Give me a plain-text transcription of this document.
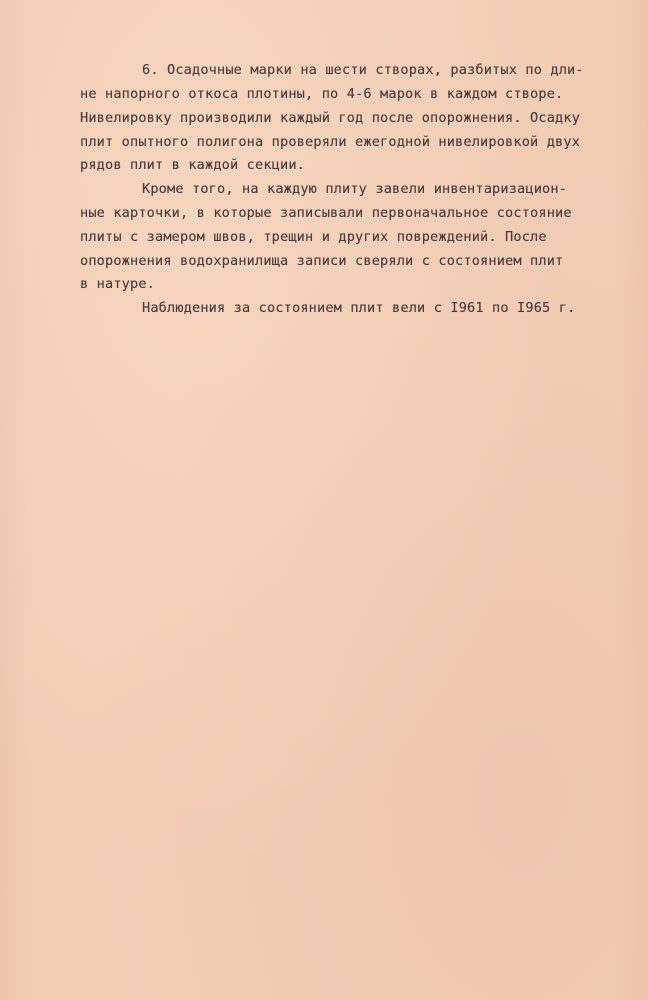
6. Осадочные марки на шести створах, разбитых по дли-
не напорного откоса плотины, по 4-6 марок в каждом створе.
Нивелировку производили каждый год после опорожнения. Осадку
плит опытного полигона проверяли ежегодной нивелировкой двух
рядов плит в каждой секции.
Кроме того, на каждую плиту завели инвентаризацион-
ные карточки, в которые записывали первоначальное состояние
плиты с замером швов, трещин и других повреждений. После
опорожнения водохранилища записи сверяли с состоянием плит
в натуре.
Наблюдения за состоянием плит вели с I961 по I965 г.
